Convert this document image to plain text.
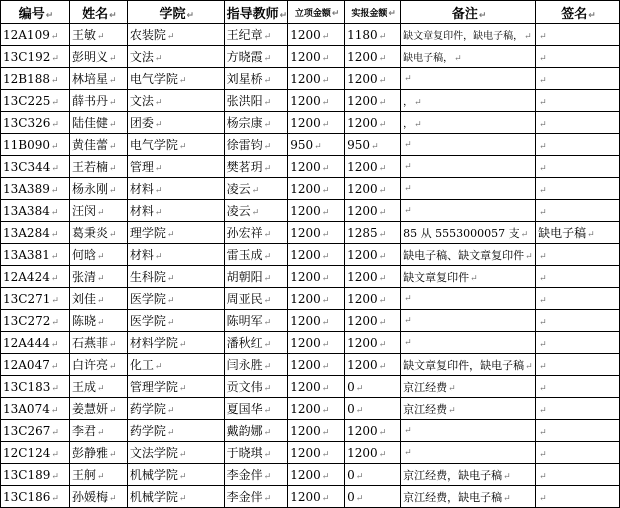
编号↵	姓名↵	学院↵	指导教师↵	立项金额↵	实报金额↵	备注↵	签名↵
12A109↵	王敏↵	农装院↵	王纪章↵	1200↵	1180↵	缺文章复印件，缺电子稿，↵	↵
13C192↵	彭明义↵	文法↵	方晓霞↵	1200↵	1200↵	缺电子稿，↵	↵
12B188↵	林培星↵	电气学院↵	刘星桥↵	1200↵	1200↵	↵	↵
13C225↵	薛书丹↵	文法↵	张洪阳↵	1200↵	1200↵	，↵	↵
13C326↵	陆佳健↵	团委↵	杨宗康↵	1200↵	1200↵	，↵	↵
11B090↵	黄佳蕾↵	电气学院↵	徐雷钧↵	950↵	950↵	↵	↵
13C344↵	王若楠↵	管理↵	樊茗玥↵	1200↵	1200↵	↵	↵
13A389↵	杨永刚↵	材料↵	凌云↵	1200↵	1200↵	↵	↵
13A384↵	汪闵↵	材料↵	凌云↵	1200↵	1200↵	↵	↵
13A284↵	葛秉炎↵	理学院↵	孙宏祥↵	1200↵	1285↵	85 从 5553000057 支↵	缺电子稿↵
13A381↵	何晗↵	材料↵	雷玉成↵	1200↵	1200↵	缺电子稿、缺文章复印件↵	↵
12A424↵	张清↵	生科院↵	胡朝阳↵	1200↵	1200↵	缺文章复印件↵	↵
13C271↵	刘佳↵	医学院↵	周亚民↵	1200↵	1200↵	↵	↵
13C272↵	陈晓↵	医学院↵	陈明军↵	1200↵	1200↵	↵	↵
12A444↵	石燕菲↵	材料学院↵	潘秋红↵	1200↵	1200↵	↵	↵
12A047↵	白许亮↵	化工↵	闫永胜↵	1200↵	1200↵	缺文章复印件，缺电子稿↵	↵
13C183↵	王成↵	管理学院↵	贡文伟↵	1200↵	0↵	京江经费↵	↵
13A074↵	姜慧妍↵	药学院↵	夏国华↵	1200↵	0↵	京江经费↵	↵
13C267↵	李君↵	药学院↵	戴韵娜↵	1200↵	1200↵	↵	↵
12C124↵	彭静雅↵	文法学院↵	于晓琪↵	1200↵	1200↵	↵	↵
13C189↵	王舸↵	机械学院↵	李金伴↵	1200↵	0↵	京江经费，缺电子稿↵	↵
13C186↵	孙媛梅↵	机械学院↵	李金伴↵	1200↵	0↵	京江经费，缺电子稿↵	↵
